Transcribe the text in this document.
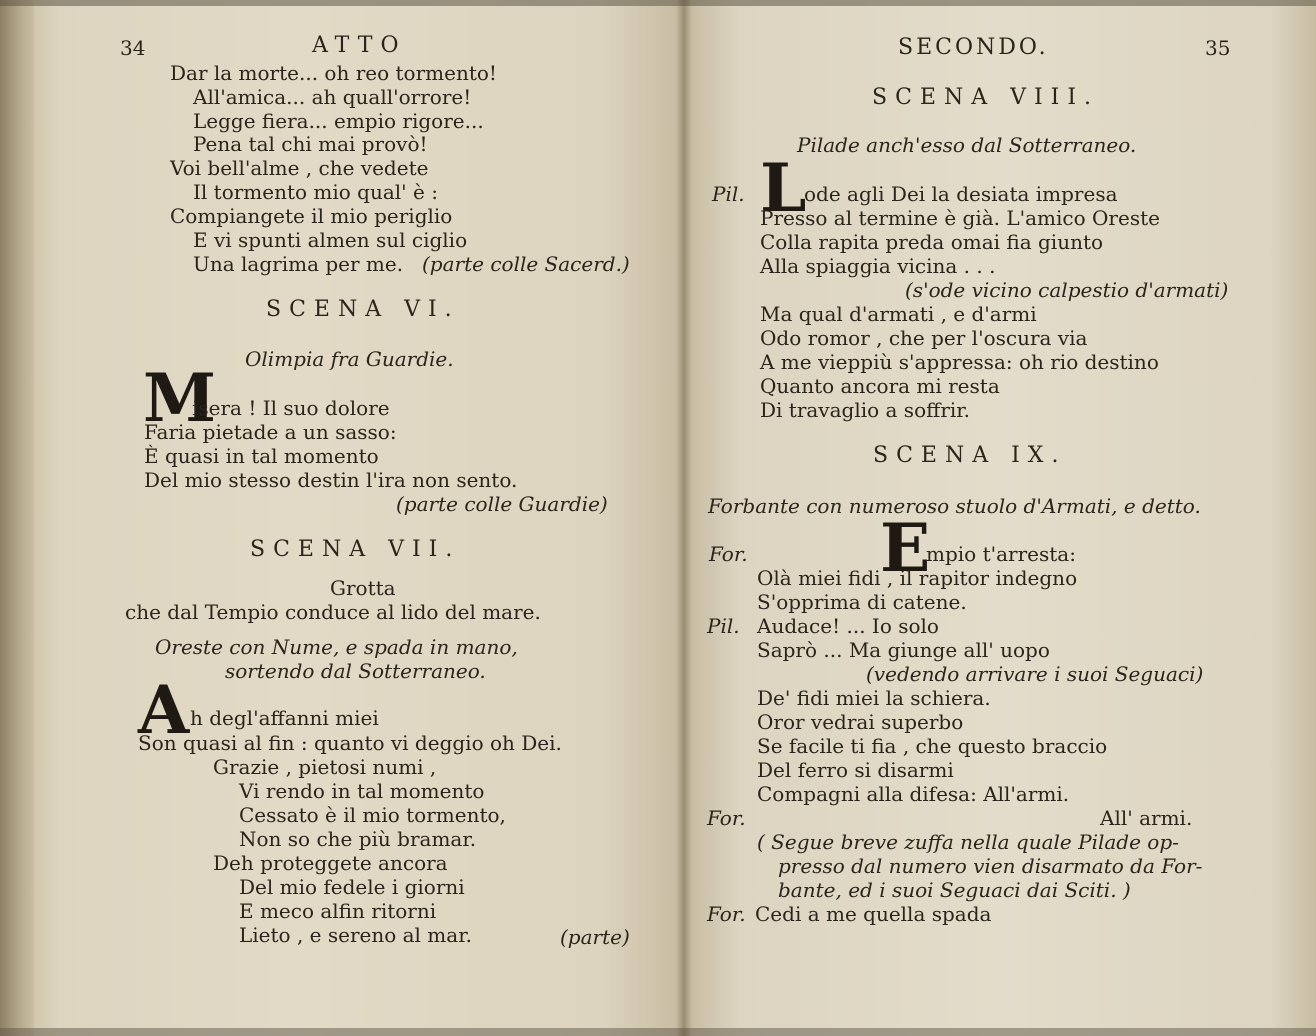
34	ATTO
Dar la morte... oh reo tormento!
All'amica... ah quall'orrore!
Legge fiera... empio rigore...
Pena tal chi mai provò!
Voi bell'alme , che vedete
Il tormento mio qual' è :
Compiangete il mio periglio
E vi spunti almen sul ciglio
Una lagrima per me. (parte colle Sacerd.)
SCENA VI.
Olimpia fra Guardie.
M
isera ! Il suo dolore
Faria pietade a un sasso:
È quasi in tal momento
Del mio stesso destin l'ira non sento.
(parte colle Guardie)
SCENA VII.
Grotta
che dal Tempio conduce al lido del mare.
Oreste con Nume, e spada in mano,
sortendo dal Sotterraneo.
A h degl'affanni miei
Son quasi al fin : quanto vi deggio oh Dei.
Grazie , pietosi numi ,
Vi rendo in tal momento
Cessato è il mio tormento,
Non so che più bramar.
Deh proteggete ancora
Del mio fedele i giorni
E meco alfin ritorni
Lieto , e sereno al mar.	(parte)
SECONDO.	35
SCENA VIII.
Pilade anch'esso dal Sotterraneo.
Pil. L
ode agli Dei la desiata impresa
Presso al termine è già. L'amico Oreste
Colla rapita preda omai fia giunto
Alla spiaggia vicina . . .
(s'ode vicino calpestio d'armati)
Ma qual d'armati , e d'armi
Odo romor , che per l'oscura via
A me vieppiù s'appressa: oh rio destino
Quanto ancora mi resta
Di travaglio a soffrir.
SCENA IX.
Forbante con numeroso stuolo d'Armati, e detto.
For. E
mpio t'arresta:
Olà miei fidi , il rapitor indegno
S'opprima di catene.
Pil. Audace! ... Io solo
Saprò ... Ma giunge all' uopo
(vedendo arrivare i suoi Seguaci)
De' fidi miei la schiera.
Oror vedrai superbo
Se facile ti fia , che questo braccio
Del ferro si disarmi
Compagni alla difesa: All'armi.
For.	All' armi.
( Segue breve zuffa nella quale Pilade op-
presso dal numero vien disarmato da For-
bante, ed i suoi Seguaci dai Sciti. )
For. Cedi a me quella spada
